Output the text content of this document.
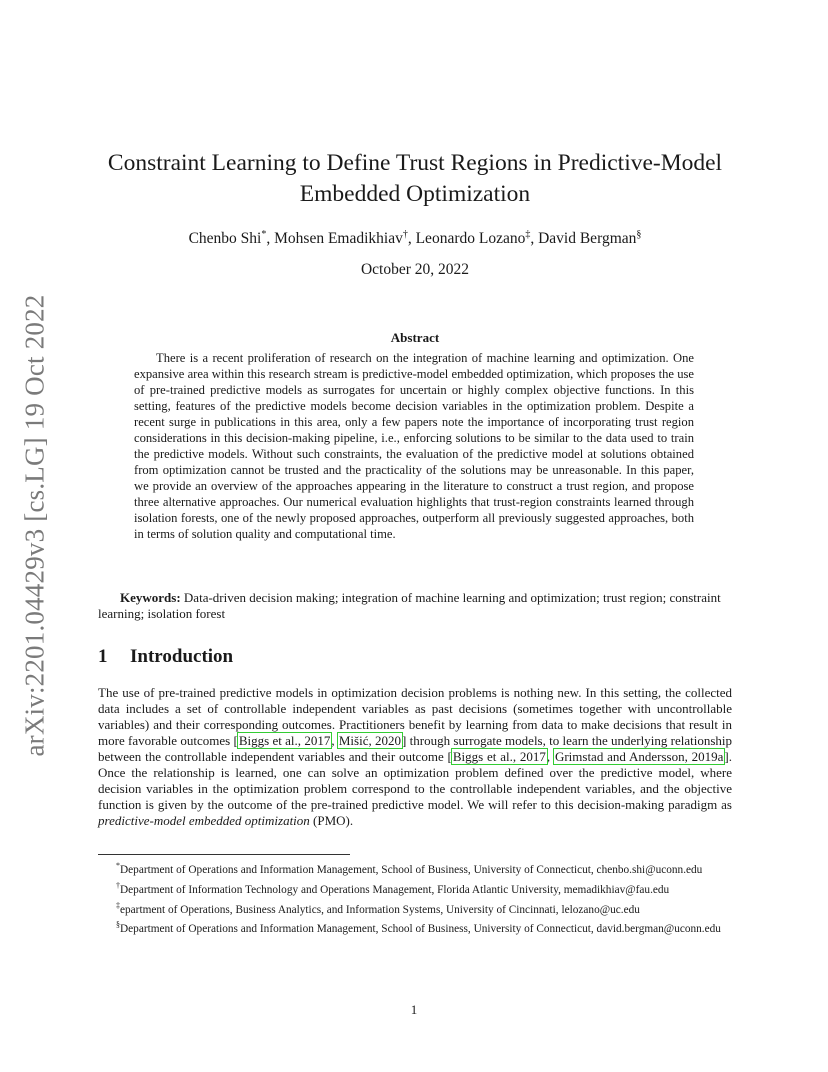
arXiv:2201.04429v3 [cs.LG] 19 Oct 2022
Constraint Learning to Define Trust Regions in Predictive-Model Embedded Optimization
Chenbo Shi*, Mohsen Emadikhiav†, Leonardo Lozano‡, David Bergman§
October 20, 2022
Abstract

There is a recent proliferation of research on the integration of machine learning and optimization. One expansive area within this research stream is predictive-model embedded optimization, which proposes the use of pre-trained predictive models as surrogates for uncertain or highly complex objective functions. In this setting, features of the predictive models become decision variables in the optimization problem. Despite a recent surge in publications in this area, only a few papers note the importance of incorporating trust region considerations in this decision-making pipeline, i.e., enforcing solutions to be similar to the data used to train the predictive models. Without such constraints, the evaluation of the predictive model at solutions obtained from optimization cannot be trusted and the practicality of the solutions may be unreasonable. In this paper, we provide an overview of the approaches appearing in the literature to construct a trust region, and propose three alternative approaches. Our numerical evaluation highlights that trust-region constraints learned through isolation forests, one of the newly proposed approaches, outperform all previously suggested approaches, both in terms of solution quality and computational time.

Keywords: Data-driven decision making; integration of machine learning and optimization; trust region; constraint learning; isolation forest

1 Introduction

The use of pre-trained predictive models in optimization decision problems is nothing new. In this setting, the collected data includes a set of controllable independent variables as past decisions (sometimes together with uncontrollable variables) and their corresponding outcomes. Practitioners benefit by learning from data to make decisions that result in more favorable outcomes [Biggs et al., 2017, Mišić, 2020] through surrogate models, to learn the underlying relationship between the controllable independent variables and their outcome [Biggs et al., 2017, Grimstad and Andersson, 2019a]. Once the relationship is learned, one can solve an optimization problem defined over the predictive model, where decision variables in the optimization problem correspond to the controllable independent variables, and the objective function is given by the outcome of the pre-trained predictive model. We will refer to this decision-making paradigm as predictive-model embedded optimization (PMO).

*Department of Operations and Information Management, School of Business, University of Connecticut, chenbo.shi@uconn.edu

†Department of Information Technology and Operations Management, Florida Atlantic University, memadikhiav@fau.edu

‡epartment of Operations, Business Analytics, and Information Systems, University of Cincinnati, lelozano@uc.edu

§Department of Operations and Information Management, School of Business, University of Connecticut, david.bergman@uconn.edu

1
